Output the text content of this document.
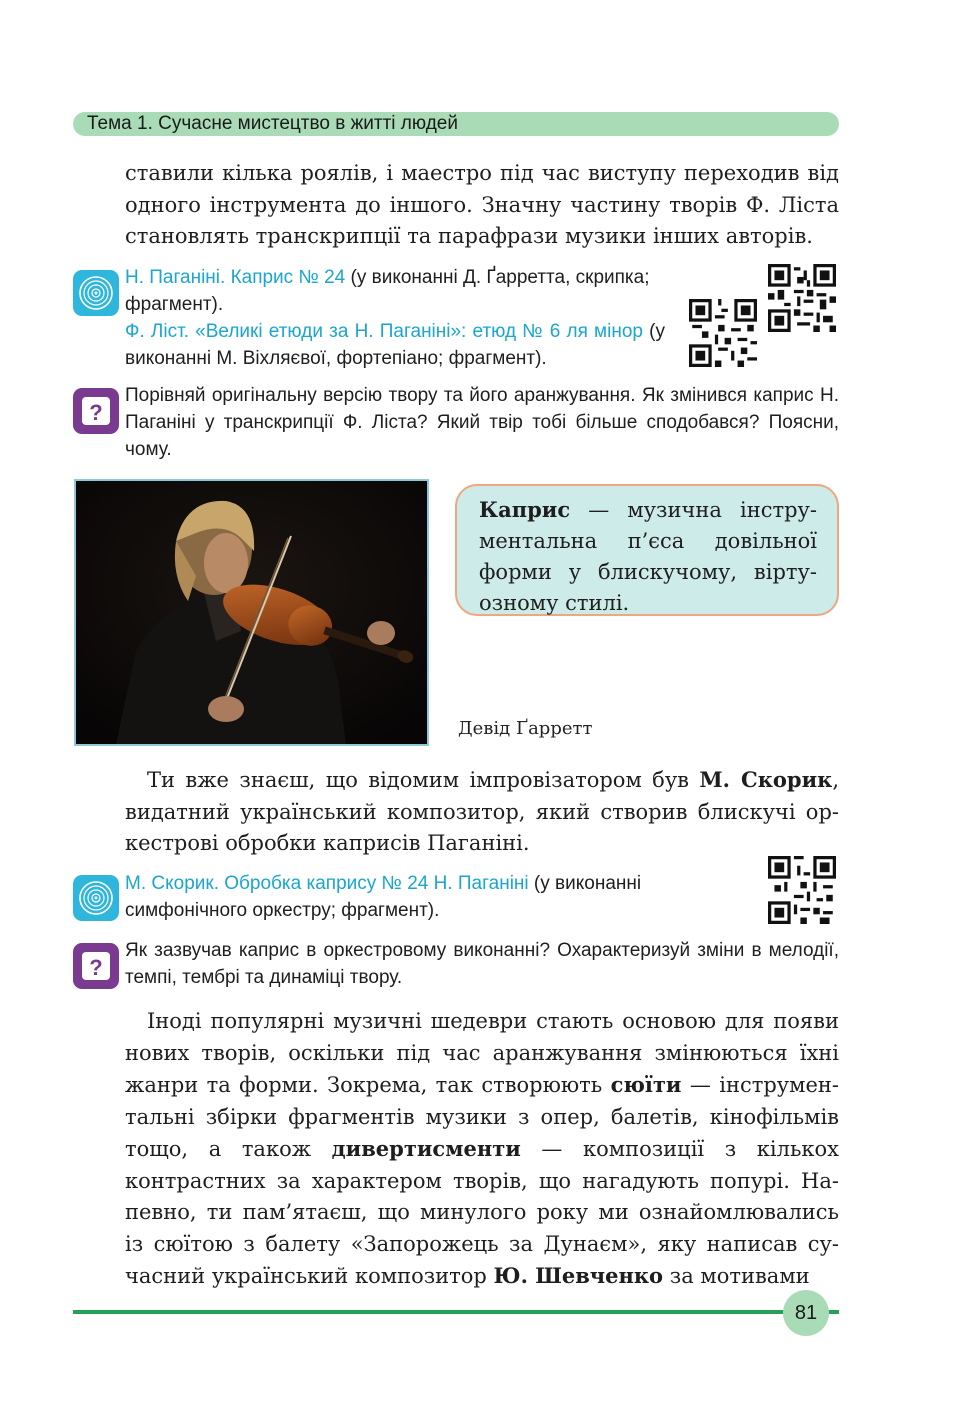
Тема 1. Сучасне мистецтво в житті людей
ставили кілька роялів, і маестро під час виступу переходив від одного інструмента до іншого. Значну частину творів Ф. Ліста становлять транскрипції та парафрази музики інших авторів.
Н. Паганіні. Каприс № 24 (у виконанні Д. Ґарретта, скрипка; фрагмент).
Ф. Ліст. «Великі етюди за Н. Паганіні»: етюд № 6 ля мінор (у виконанні М. Віхляєвої, фортепіано; фрагмент).
?
Порівняй оригінальну версію твору та його аранжування. Як змінився каприс Н. Паганіні у транскрипції Ф. Ліста? Який твір тобі більше сподобався? Поясни, чому.
Каприс — музична інструментальна п’єса довільної форми у блискучому, віртуозному стилі.
Девід Ґарретт
Ти вже знаєш, що відомим імпровізатором був М. Скорик, видатний український композитор, який створив блискучі оркестрові обробки каприсів Паганіні.
М. Скорик. Обробка капрису № 24 Н. Паганіні (у виконанні симфонічного оркестру; фрагмент).
?
Як зазвучав каприс в оркестровому виконанні? Охарактеризуй зміни в мелодії, темпі, тембрі та динаміці твору.
Іноді популярні музичні шедеври стають основою для появи нових творів, оскільки під час аранжування змінюються їхні жанри та форми. Зокрема, так створюють сюїти — інструментальні збірки фрагментів музики з опер, балетів, кінофільмів тощо, а також дивертисменти — композиції з кількох контрастних за характером творів, що нагадують попурі. Напевно, ти пам’ятаєш, що минулого року ми ознайомлювались із сюїтою з балету «Запорожець за Дунаєм», яку написав сучасний український композитор Ю. Шевченко за мотивами
81
